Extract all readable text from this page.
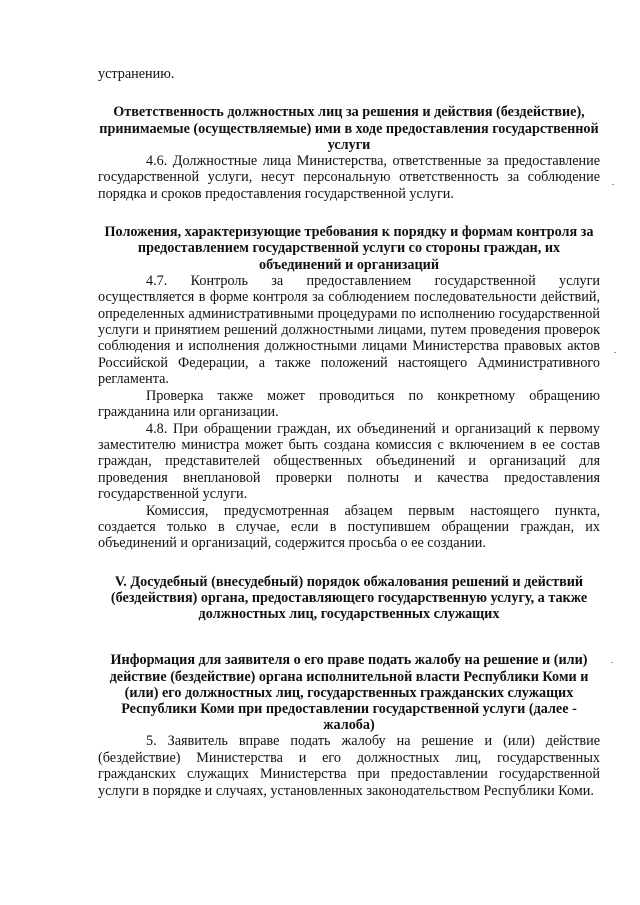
устранению.

Ответственность должностных лиц за решения и действия (бездействие), принимаемые (осуществляемые) ими в ходе предоставления государственной услуги

4.6. Должностные лица Министерства, ответственные за предоставление государственной услуги, несут персональную ответственность за соблюдение порядка и сроков предоставления государственной услуги.

Положения, характеризующие требования к порядку и формам контроля за предоставлением государственной услуги со стороны граждан, их объединений и организаций

4.7. Контроль за предоставлением государственной услуги осуществляется в форме контроля за соблюдением последовательности действий, определенных административными процедурами по исполнению государственной услуги и принятием решений должностными лицами, путем проведения проверок соблюдения и исполнения должностными лицами Министерства правовых актов Российской Федерации, а также положений настоящего Административного регламента.

Проверка также может проводиться по конкретному обращению гражданина или организации.

4.8. При обращении граждан, их объединений и организаций к первому заместителю министра может быть создана комиссия с включением в ее состав граждан, представителей общественных объединений и организаций для проведения внеплановой проверки полноты и качества предоставления государственной услуги.

Комиссия, предусмотренная абзацем первым настоящего пункта, создается только в случае, если в поступившем обращении граждан, их объединений и организаций, содержится просьба о ее создании.

V. Досудебный (внесудебный) порядок обжалования решений и действий (бездействия) органа, предоставляющего государственную услугу, а также должностных лиц, государственных служащих

Информация для заявителя о его праве подать жалобу на решение и (или) действие (бездействие) органа исполнительной власти Республики Коми и (или) его должностных лиц, государственных гражданских служащих Республики Коми при предоставлении государственной услуги (далее - жалоба)

5. Заявитель вправе подать жалобу на решение и (или) действие (бездействие) Министерства и его должностных лиц, государственных гражданских служащих Министерства при предоставлении государственной услуги в порядке и случаях, установленных законодательством Республики Коми.
